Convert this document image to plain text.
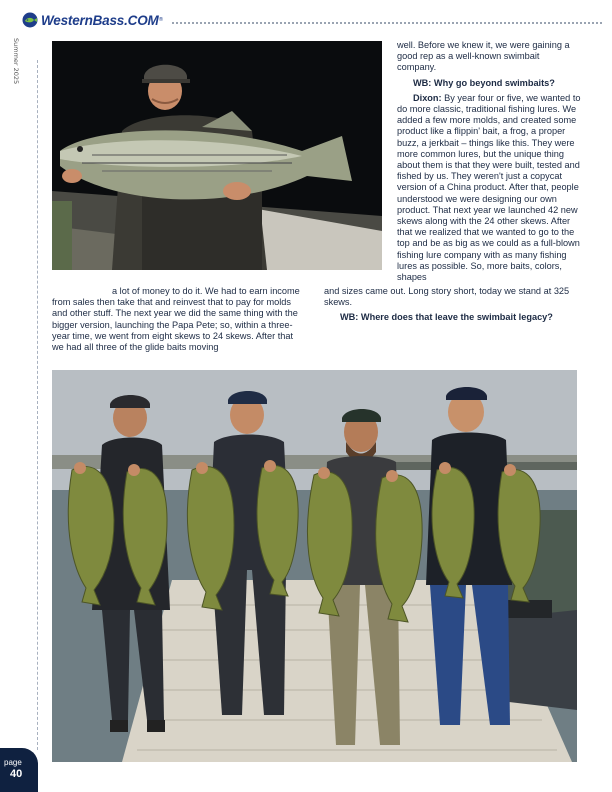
WesternBass.COM ®
Summer 2025	well. Before we knew it, we were gaining a good rep as a well-known swimbait company.

WB: Why go beyond swimbaits?

Dixon: By year four or five, we wanted to do more classic, traditional fishing lures. We added a few more molds, and created some product like a flippin' bait, a frog, a proper buzz, a jerkbait – things like this. They were more common lures, but the unique thing about them is that they were built, tested and fished by us. They weren't just a copycat version of a China product. After that, people understood we were designing our own product. That next year we launched 42 new skews along with the 24 other skews. After that we realized that we wanted to go to the top and be as big as we could as a full-blown fishing lure company with as many fishing lures as possible. So, more baits, colors, shapes

a lot of money to do it. We had to earn income from sales then take that and reinvest that to pay for molds and other stuff. The next year we did the same thing with the bigger version, launching the Papa Pete; so, within a three-year time, we went from eight skews to 24 skews. After that we had all three of the glide baits moving

and sizes came out. Long story short, today we stand at 325 skews.

WB: Where does that leave the swimbait legacy?

page
40
